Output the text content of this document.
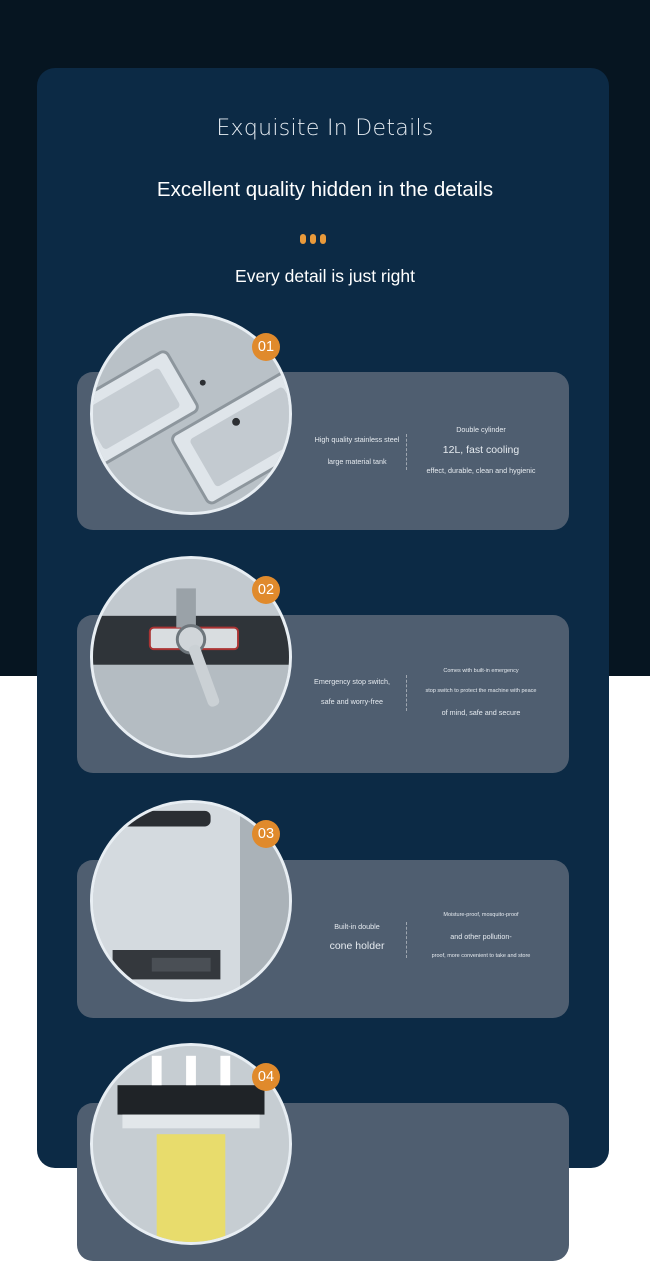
Exquisite In Details
Excellent quality hidden in the details
Every detail is just right
High quality stainless steel
large material tank
Double cylinder
12L, fast cooling
effect, durable, clean and hygienic
01
Emergency stop switch,
safe and worry-free
Comes with built-in emergency
stop switch to protect the machine with peace
of mind, safe and secure
02
Built-in double
cone holder
Moisture-proof, mosquito-proof
and other pollution-
proof, more convenient to take and store
03
04
